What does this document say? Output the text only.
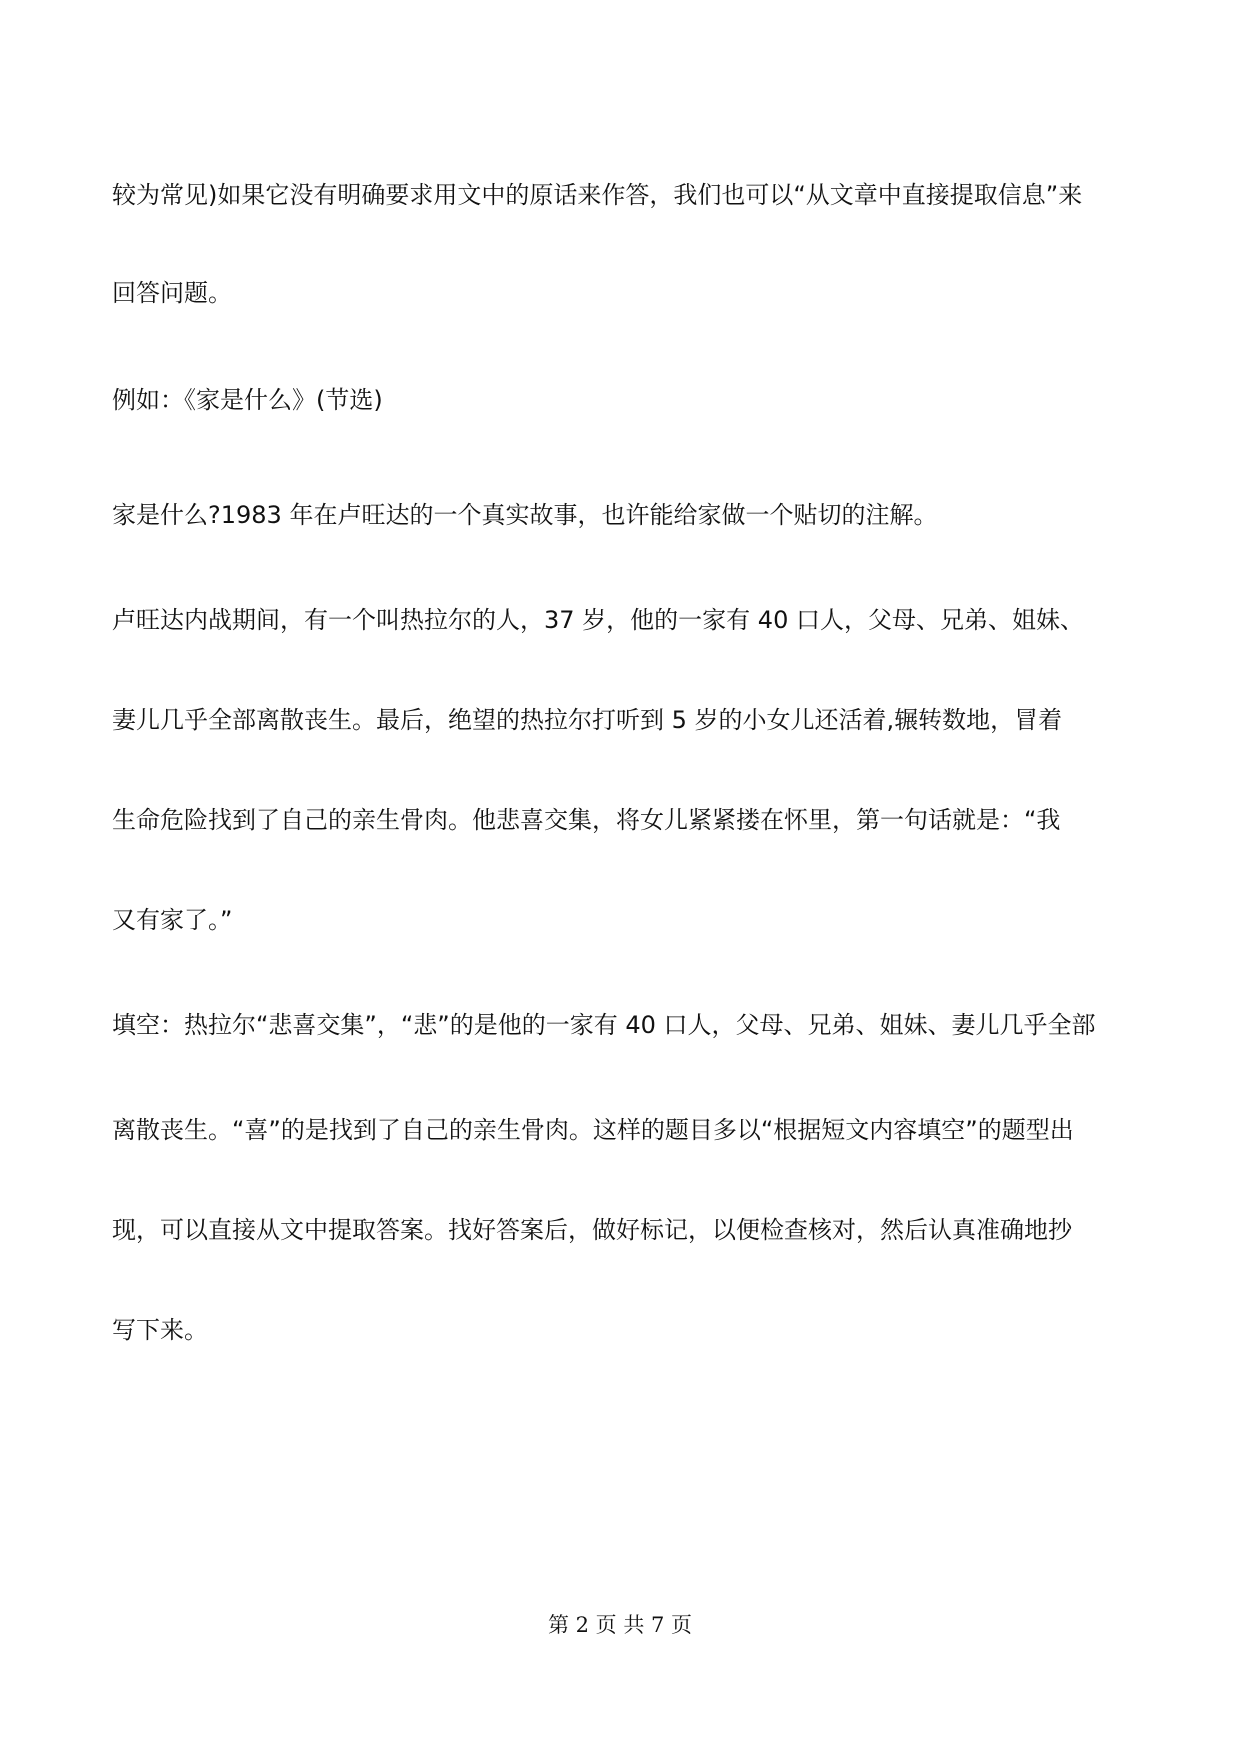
较为常见)如果它没有明确要求用文中的原话来作答，我们也可以“从文章中直接提取信息”来
回答问题。
例如：《家是什么》(节选)
家是什么?1983 年在卢旺达的一个真实故事，也许能给家做一个贴切的注解。
卢旺达内战期间，有一个叫热拉尔的人，37 岁，他的一家有 40 口人，父母、兄弟、姐妹、
妻儿几乎全部离散丧生。最后，绝望的热拉尔打听到 5 岁的小女儿还活着,辗转数地，冒着
生命危险找到了自己的亲生骨肉。他悲喜交集，将女儿紧紧搂在怀里，第一句话就是：“我
又有家了。”
填空：热拉尔“悲喜交集”，“悲”的是他的一家有 40 口人，父母、兄弟、姐妹、妻儿几乎全部
离散丧生。“喜”的是找到了自己的亲生骨肉。这样的题目多以“根据短文内容填空”的题型出
现，可以直接从文中提取答案。找好答案后，做好标记，以便检查核对，然后认真准确地抄
写下来。
第 2 页 共 7 页
